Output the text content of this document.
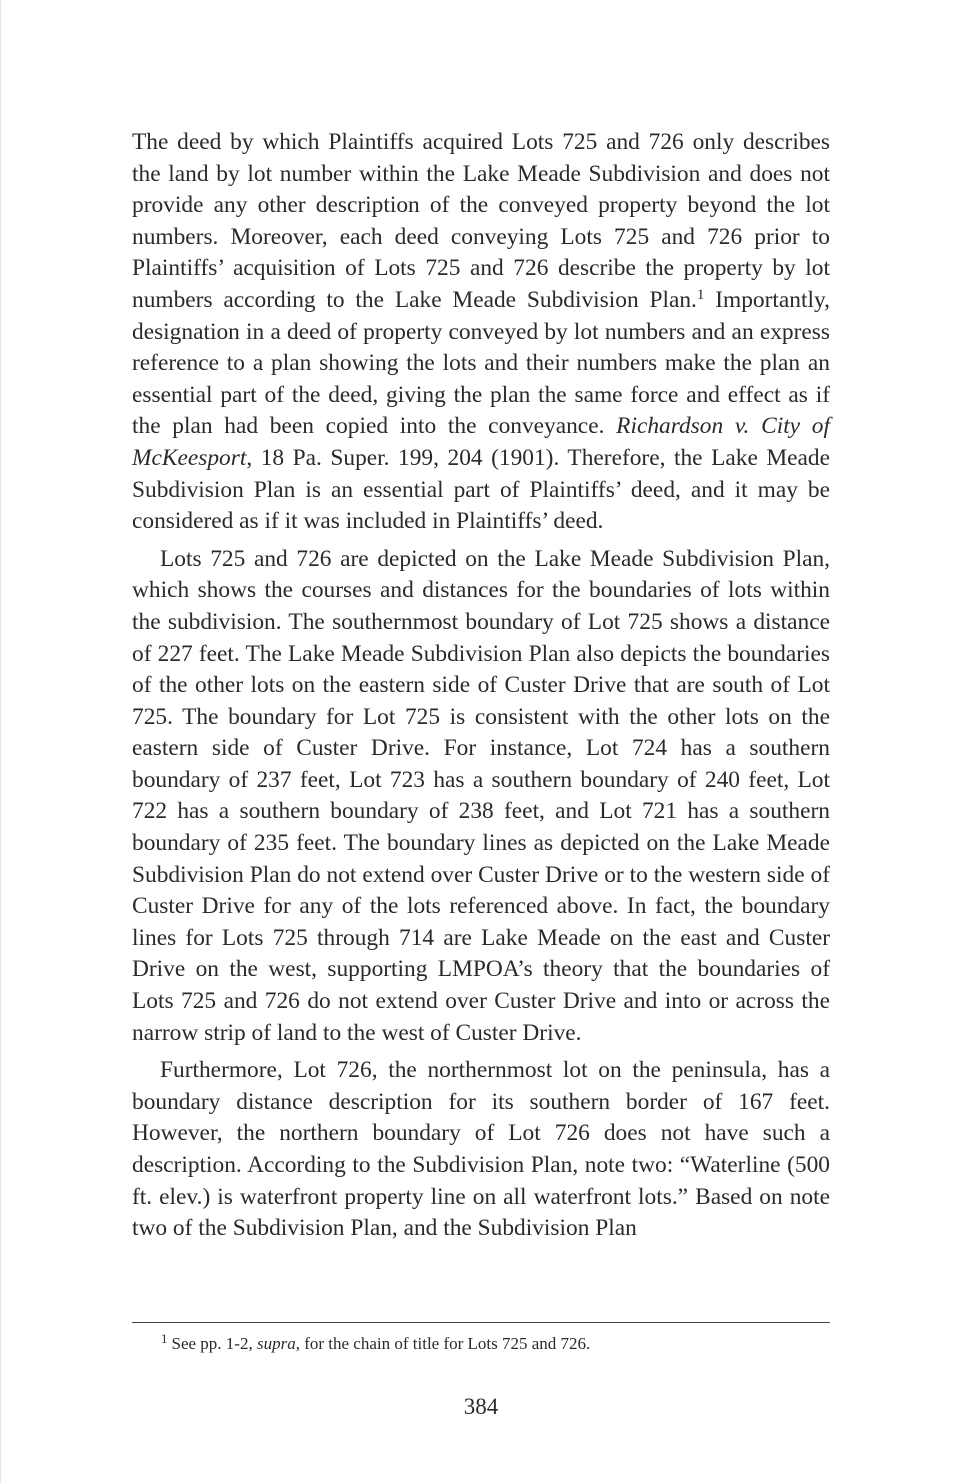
The deed by which Plaintiffs acquired Lots 725 and 726 only describes the land by lot number within the Lake Meade Subdivision and does not provide any other description of the conveyed property beyond the lot numbers. Moreover, each deed conveying Lots 725 and 726 prior to Plaintiffs’ acquisition of Lots 725 and 726 describe the property by lot numbers according to the Lake Meade Subdivision Plan.$^1$ Importantly, designation in a deed of property conveyed by lot numbers and an express reference to a plan showing the lots and their numbers make the plan an essential part of the deed, giving the plan the same force and effect as if the plan had been copied into the conveyance. Richardson v. City of McKeesport, 18 Pa. Super. 199, 204 (1901). Therefore, the Lake Meade Subdivision Plan is an essential part of Plaintiffs’ deed, and it may be considered as if it was included in Plaintiffs’ deed.

Lots 725 and 726 are depicted on the Lake Meade Subdivision Plan, which shows the courses and distances for the boundaries of lots within the subdivision. The southernmost boundary of Lot 725 shows a distance of 227 feet. The Lake Meade Subdivision Plan also depicts the boundaries of the other lots on the eastern side of Custer Drive that are south of Lot 725. The boundary for Lot 725 is consistent with the other lots on the eastern side of Custer Drive. For instance, Lot 724 has a southern boundary of 237 feet, Lot 723 has a southern boundary of 240 feet, Lot 722 has a southern boundary of 238 feet, and Lot 721 has a southern boundary of 235 feet. The boundary lines as depicted on the Lake Meade Subdivision Plan do not extend over Custer Drive or to the western side of Custer Drive for any of the lots referenced above. In fact, the boundary lines for Lots 725 through 714 are Lake Meade on the east and Custer Drive on the west, supporting LMPOA’s theory that the boundaries of Lots 725 and 726 do not extend over Custer Drive and into or across the narrow strip of land to the west of Custer Drive.

Furthermore, Lot 726, the northernmost lot on the peninsula, has a boundary distance description for its southern border of 167 feet. However, the northern boundary of Lot 726 does not have such a description. According to the Subdivision Plan, note two: “Waterline (500 ft. elev.) is waterfront property line on all waterfront lots.” Based on note two of the Subdivision Plan, and the Subdivision Plan

$^1$ See pp. 1-2, supra, for the chain of title for Lots 725 and 726.
384
